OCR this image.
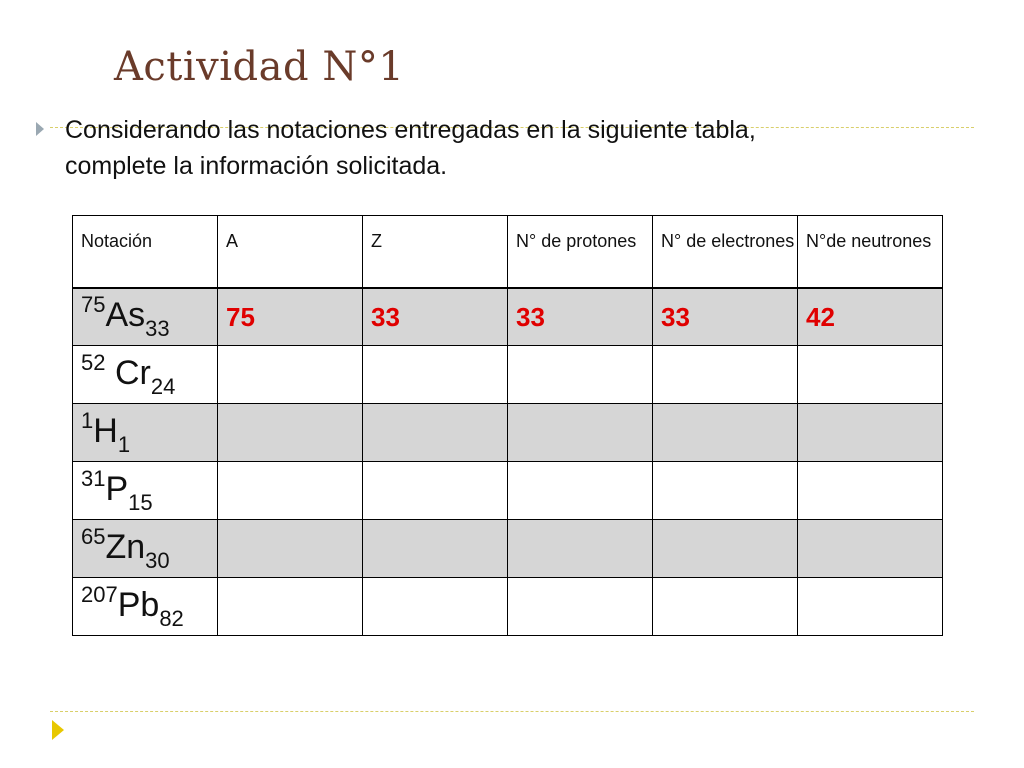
Actividad N°1
Considerando las notaciones entregadas en la siguiente tabla,
complete la información solicitada.
Notación	A	Z	N° de protones	N° de electrones	N°de neutrones
$^{75}As_{33}$	75	33	33	33	42
$^{52}$ $Cr_{24}$					
$^1H_1$					
$^{31}P_{15}$					
$^{65}Zn_{30}$					
$^{207}Pb_{82}$					
